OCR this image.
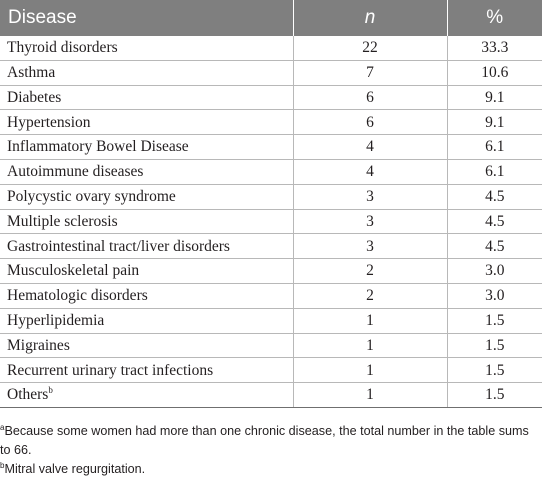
Disease	n	%
Thyroid disorders	22	33.3
Asthma	7	10.6
Diabetes	6	9.1
Hypertension	6	9.1
Inflammatory Bowel Disease	4	6.1
Autoimmune diseases	4	6.1
Polycystic ovary syndrome	3	4.5
Multiple sclerosis	3	4.5
Gastrointestinal tract/liver disorders	3	4.5
Musculoskeletal pain	2	3.0
Hematologic disorders	2	3.0
Hyperlipidemia	1	1.5
Migraines	1	1.5
Recurrent urinary tract infections	1	1.5
Others$^b$	1	1.5

$^a$Because some women had more than one chronic disease, the total number in the table sums to 66.

$^b$Mitral valve regurgitation.
